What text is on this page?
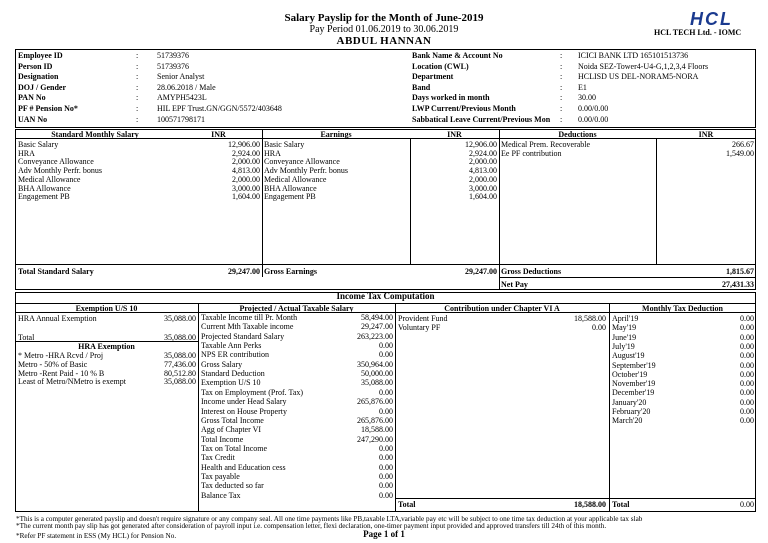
Salary Payslip for the Month of June-2019
Pay Period 01.06.2019 to 30.06.2019
ABDUL HANNAN
HCL
HCL TECH Ltd. - IOMC
Employee ID	: 51739376
Person ID	: 51739376
Designation	: Senior Analyst
DOJ / Gender	: 28.06.2018 / Male
PAN No	: AMYPH5423L
PF # Pension No*	: HIL EPF Trust.GN/GGN/5572/403648
UAN No	: 100571798171
Bank Name & Account No	: ICICI BANK LTD 165101513736
Location (CWL)	: Noida SEZ-Tower4-U4-G,1,2,3,4 Floors
Department	: HCLISD US DEL-NORAM5-NORA
Band	: E1
Days worked in month	: 30.00
LWP Current/Previous Month	: 0.00/0.00
Sabbatical Leave Current/Previous Mon : 0.00/0.00
Standard Monthly Salary	INR	Earnings	INR	Deductions	INR
Basic Salary	12,906.00
HRA	2,924.00
Conveyance Allowance	2,000.00
Adv Monthly Perfr. bonus	4,813.00
Medical Allowance	2,000.00
BHA Allowance	3,000.00
Engagement PB	1,604.00
Basic Salary	12,906.00
HRA	2,924.00
Conveyance Allowance	2,000.00
Adv Monthly Perfr. bonus	4,813.00
Medical Allowance	2,000.00
BHA Allowance	3,000.00
Engagement PB	1,604.00
Medical Prem. Recoverable	266.67
Ee PF contribution	1,549.00
Total Standard Salary	29,247.00 Gross Earnings	29,247.00 Gross Deductions	1,815.67
Net Pay	27,431.33
Income Tax Computation
Exemption U/S 10	Projected / Actual Taxable Salary	Contribution under Chapter VI A	Monthly Tax Deduction
HRA Annual Exemption	35,088.00
Total	35,088.00
HRA Exemption
* Metro -HRA Rcvd / Proj	35,088.00
Metro - 50% of Basic	77,436.00
Metro -Rent Paid - 10 % B	80,512.80
Least of Metro/NMetro is exempt	35,088.00
Taxable Income till Pr. Month	58,494.00
Current Mth Taxable income	29,247.00
Projected Standard Salary	263,223.00
Taxable Ann Perks	0.00
NPS ER contribution	0.00
Gross Salary	350,964.00
Standard Deduction	50,000.00
Exemption U/S 10	35,088.00
Tax on Employment (Prof. Tax)	0.00
Income under Head Salary	265,876.00
Interest on House Property	0.00
Gross Total Income	265,876.00
Agg of Chapter VI	18,588.00
Total Income	247,290.00
Tax on Total Income	0.00
Tax Credit	0.00
Health and Education cess	0.00
Tax payable	0.00
Tax deducted so far	0.00
Balance Tax	0.00
Provident Fund	18,588.00
Voluntary PF	0.00
April'19	0.00
May'19	0.00
June'19	0.00
July'19	0.00
August'19	0.00
September'19	0.00
October'19	0.00
November'19	0.00
December'19	0.00
January'20	0.00
February'20	0.00
March'20	0.00
Total	18,588.00 Total	0.00
*This is a computer generated payslip and doesn't require signature or any company seal. All one time payments like PB,taxable LTA,variable pay etc will be subject to one time tax deduction at your applicable tax slab
*The current month pay slip has got generated after consideration of payroll input i.e. compensation letter, flexi declaration, one-timer payment input provided and approved transfers till 24th of this month.
Page 1 of 1
*Refer PF statement in ESS (My HCL) for Pension No.
